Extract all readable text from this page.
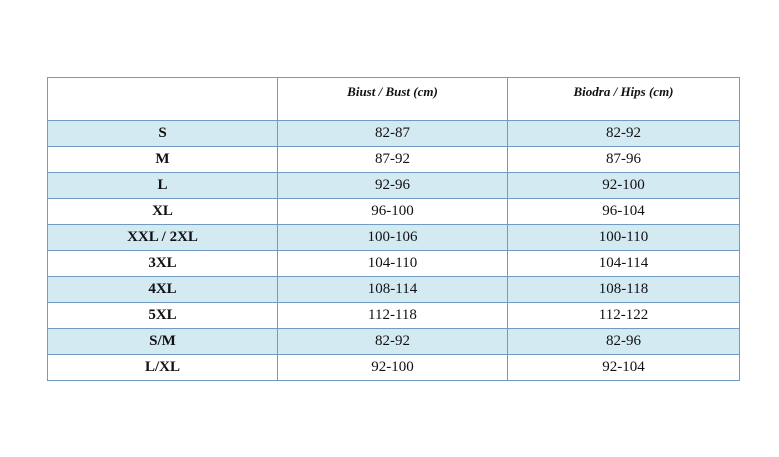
	Biust / Bust (cm)	Biodra / Hips (cm)
S	82-87	82-92
M	87-92	87-96
L	92-96	92-100
XL	96-100	96-104
XXL / 2XL	100-106	100-110
3XL	104-110	104-114
4XL	108-114	108-118
5XL	112-118	112-122
S/M	82-92	82-96
L/XL	92-100	92-104
